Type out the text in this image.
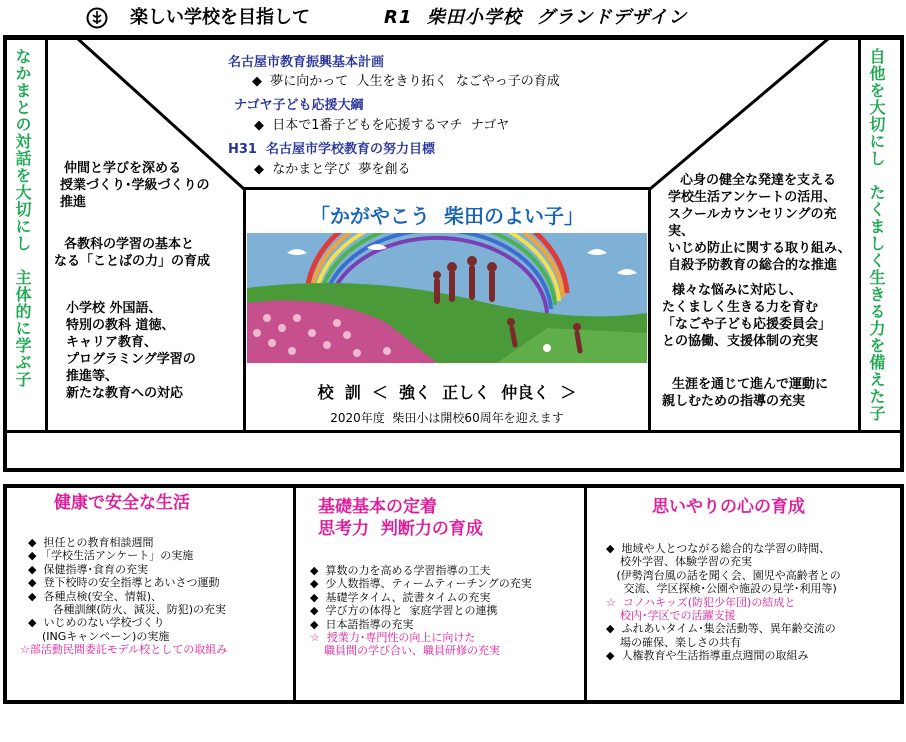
楽しい学校を目指して	R1  柴田小学校  グランドデザイン
なかまとの対話を大切にし　主体的に学ぶ子	自他を大切にし　たくましく生きる力を備えた子
名古屋市教育振興基本計画
◆  夢に向かって  人生をきり拓く  なごやっ子の育成
ナゴヤ子ども応援大綱
◆  日本で1番子どもを応援するマチ  ナゴヤ
H31  名古屋市学校教育の努力目標
◆  なかまと学び  夢を創る
仲間と学びを深める
授業づくり･学級づくりの
推進
各教科の学習の基本と
なる「ことばの力」の育成
小学校 外国語、
特別の教科 道徳、
キャリア教育、
プログラミング学習の
推進等、
新たな教育への対応
心身の健全な発達を支える
学校生活アンケートの活用、
スクールカウンセリングの充実、
いじめ防止に関する取り組み、
自殺予防教育の総合的な推進
様々な悩みに対応し、
たくましく生きる力を育む
「なごや子ども応援委員会」
との協働、支援体制の充実
生涯を通じて進んで運動に
親しむための指導の充実
「かがやこう  柴田のよい子」
校  訓  ＜  強く  正しく  仲良く  ＞
2020年度  柴田小は開校60周年を迎えます
健康で安全な生活
◆  担任との教育相談週間
◆ 「学校生活アンケート」の実施
◆  保健指導･食育の充実
◆  登下校時の安全指導とあいさつ運動
◆  各種点検(安全、情報)、
各種訓練(防火、減災、防犯)の充実
◆  いじめのない学校づくり
(INGキャンペーン)の実施
☆部活動民間委託モデル校としての取組み
基礎基本の定着
思考力  判断力の育成
◆  算数の力を高める学習指導の工夫
◆  少人数指導、ティームティーチングの充実
◆  基礎学タイム、読書タイムの充実
◆  学び方の体得と  家庭学習との連携
◆  日本語指導の充実
☆  授業力･専門性の向上に向けた
職員間の学び合い、職員研修の充実
思いやりの心の育成
◆  地域や人とつながる総合的な学習の時間、
校外学習、体験学習の充実
(伊勢湾台風の話を聞く会、園児や高齢者との
交流、学区探検･公園や施設の見学･利用等)
☆  コノハキッズ(防犯少年団)の結成と
校内･学区での活躍支援
◆  ふれあいタイム･集会活動等、異年齢交流の
場の確保、楽しさの共有
◆  人権教育や生活指導重点週間の取組み
